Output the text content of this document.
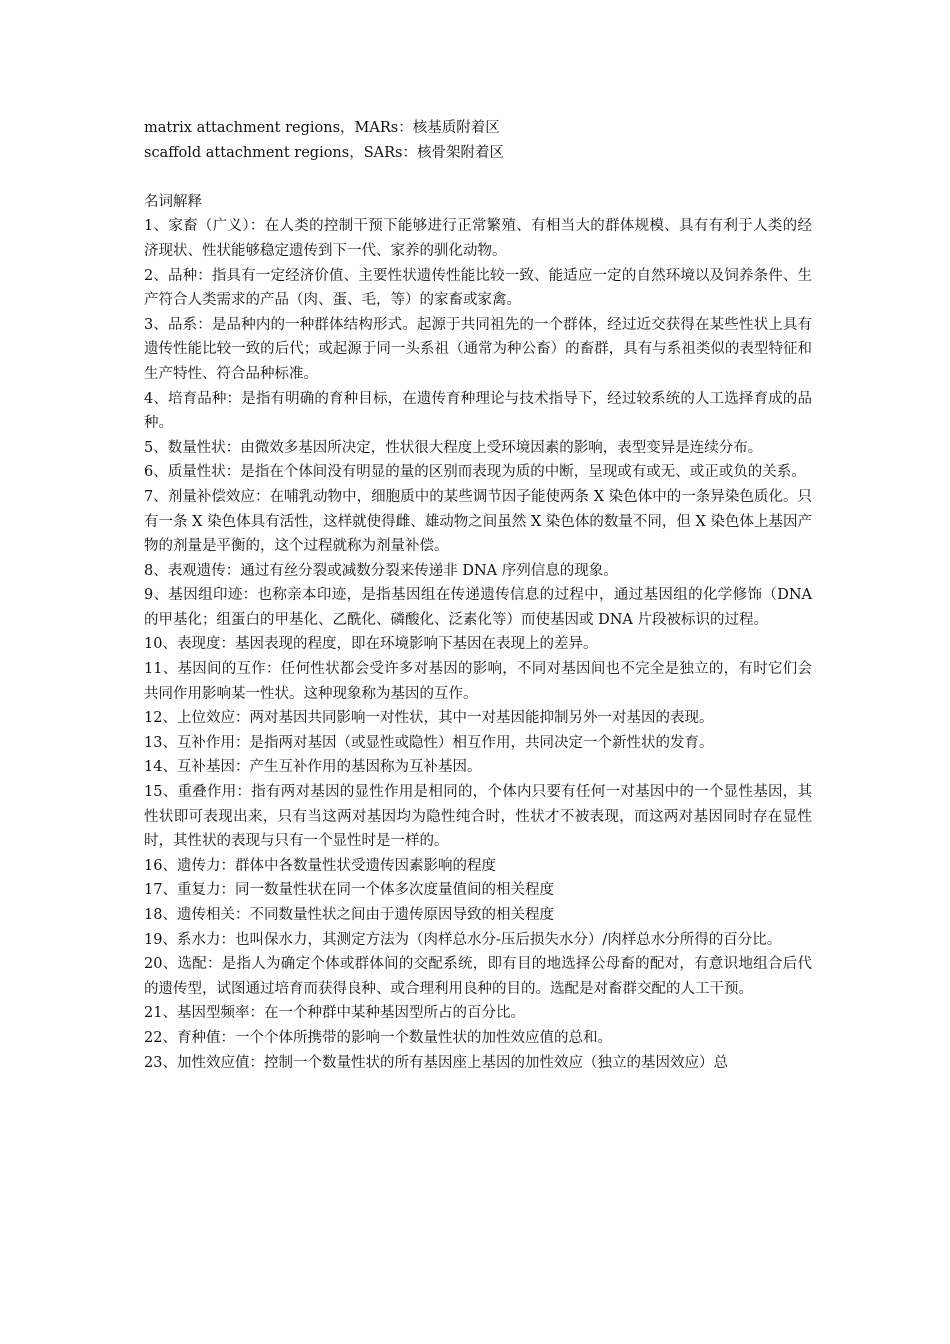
matrix attachment regions，MARs：核基质附着区

scaffold attachment regions，SARs：核骨架附着区

名词解释

1、家畜（广义）：在人类的控制干预下能够进行正常繁殖、有相当大的群体规模、具有有利于人类的经济现状、性状能够稳定遗传到下一代、家养的驯化动物。

2、品种：指具有一定经济价值、主要性状遗传性能比较一致、能适应一定的自然环境以及饲养条件、生产符合人类需求的产品（肉、蛋、毛，等）的家畜或家禽。

3、品系：是品种内的一种群体结构形式。起源于共同祖先的一个群体，经过近交获得在某些性状上具有遗传性能比较一致的后代；或起源于同一头系祖（通常为种公畜）的畜群，具有与系祖类似的表型特征和生产特性、符合品种标准。

4、培育品种：是指有明确的育种目标，在遗传育种理论与技术指导下，经过较系统的人工选择育成的品种。

5、数量性状：由微效多基因所决定，性状很大程度上受环境因素的影响，表型变异是连续分布。

6、质量性状：是指在个体间没有明显的量的区别而表现为质的中断，呈现或有或无、或正或负的关系。

7、剂量补偿效应：在哺乳动物中，细胞质中的某些调节因子能使两条 X 染色体中的一条异染色质化。只有一条 X 染色体具有活性，这样就使得雌、雄动物之间虽然 X 染色体的数量不同，但 X 染色体上基因产物的剂量是平衡的，这个过程就称为剂量补偿。

8、表观遗传：通过有丝分裂或减数分裂来传递非 DNA 序列信息的现象。

9、基因组印迹：也称亲本印迹，是指基因组在传递遗传信息的过程中，通过基因组的化学修饰（DNA 的甲基化；组蛋白的甲基化、乙酰化、磷酸化、泛素化等）而使基因或 DNA 片段被标识的过程。

10、表现度：基因表现的程度，即在环境影响下基因在表现上的差异。

11、基因间的互作：任何性状都会受许多对基因的影响，不同对基因间也不完全是独立的，有时它们会共同作用影响某一性状。这种现象称为基因的互作。

12、上位效应：两对基因共同影响一对性状，其中一对基因能抑制另外一对基因的表现。

13、互补作用：是指两对基因（或显性或隐性）相互作用，共同决定一个新性状的发育。

14、互补基因：产生互补作用的基因称为互补基因。

15、重叠作用：指有两对基因的显性作用是相同的，个体内只要有任何一对基因中的一个显性基因，其性状即可表现出来，只有当这两对基因均为隐性纯合时，性状才不被表现，而这两对基因同时存在显性时，其性状的表现与只有一个显性时是一样的。

16、遗传力：群体中各数量性状受遗传因素影响的程度

17、重复力：同一数量性状在同一个体多次度量值间的相关程度

18、遗传相关：不同数量性状之间由于遗传原因导致的相关程度

19、系水力：也叫保水力，其测定方法为（肉样总水分-压后损失水分）/肉样总水分所得的百分比。

20、选配：是指人为确定个体或群体间的交配系统，即有目的地选择公母畜的配对，有意识地组合后代的遗传型，试图通过培育而获得良种、或合理利用良种的目的。选配是对畜群交配的人工干预。

21、基因型频率：在一个种群中某种基因型所占的百分比。

22、育种值：一个个体所携带的影响一个数量性状的加性效应值的总和。

23、加性效应值：控制一个数量性状的所有基因座上基因的加性效应（独立的基因效应）总
